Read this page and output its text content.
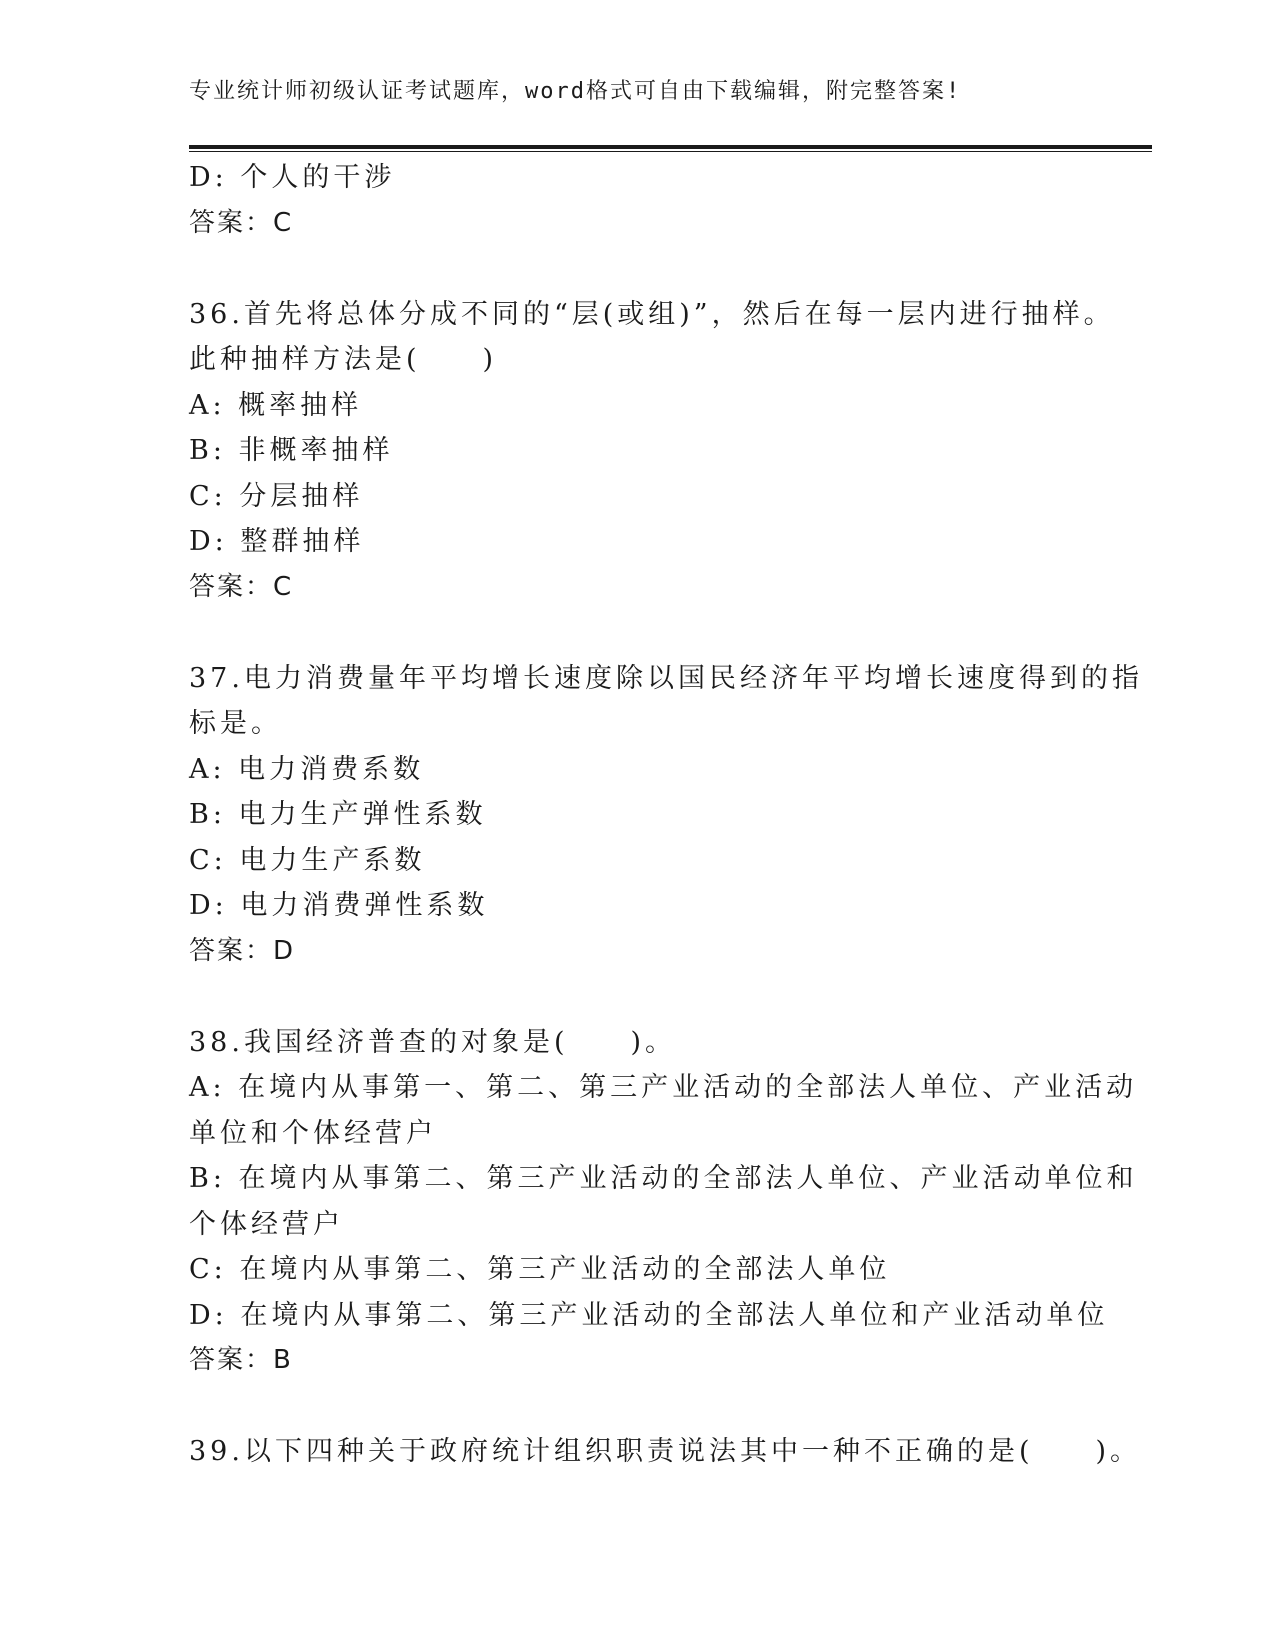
专业统计师初级认证考试题库，word格式可自由下载编辑，附完整答案!
D: 个人的干涉
答案：C
36.首先将总体分成不同的“层(或组)”，然后在每一层内进行抽样。
此种抽样方法是(　　)
A: 概率抽样
B: 非概率抽样
C: 分层抽样
D: 整群抽样
答案：C
37.电力消费量年平均增长速度除以国民经济年平均增长速度得到的指
标是。
A: 电力消费系数
B: 电力生产弹性系数
C: 电力生产系数
D: 电力消费弹性系数
答案：D
38.我国经济普查的对象是(　　)。
A: 在境内从事第一、第二、第三产业活动的全部法人单位、产业活动
单位和个体经营户
B: 在境内从事第二、第三产业活动的全部法人单位、产业活动单位和
个体经营户
C: 在境内从事第二、第三产业活动的全部法人单位
D: 在境内从事第二、第三产业活动的全部法人单位和产业活动单位
答案：B
39.以下四种关于政府统计组织职责说法其中一种不正确的是(　　)。
